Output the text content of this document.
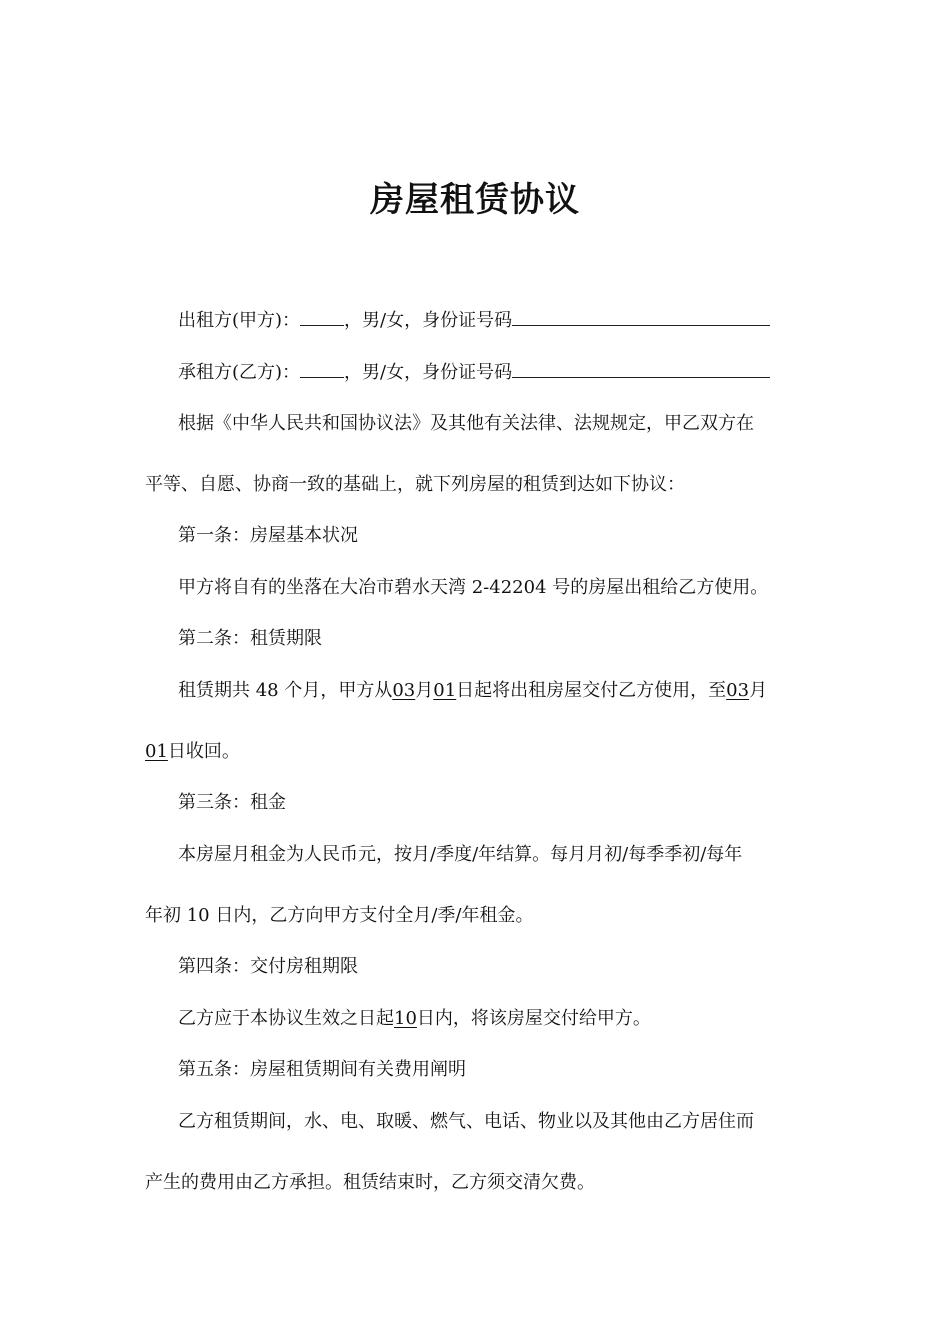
房屋租赁协议
出租方(甲方)： ，男/女，身份证号码
承租方(乙方)： ，男/女，身份证号码
根据《中华人民共和国协议法》及其他有关法律、法规规定，甲乙双方在
平等、自愿、协商一致的基础上，就下列房屋的租赁到达如下协议：
第一条：房屋基本状况
甲方将自有的坐落在大冶市碧水天湾 2-42204 号的房屋出租给乙方使用。
第二条：租赁期限
租赁期共 48 个月，甲方从03月01日起将出租房屋交付乙方使用，至03月
01日收回。
第三条：租金
本房屋月租金为人民币元，按月/季度/年结算。每月月初/每季季初/每年
年初 10 日内，乙方向甲方支付全月/季/年租金。
第四条：交付房租期限
乙方应于本协议生效之日起10日内，将该房屋交付给甲方。
第五条：房屋租赁期间有关费用阐明
乙方租赁期间，水、电、取暖、燃气、电话、物业以及其他由乙方居住而
产生的费用由乙方承担。租赁结束时，乙方须交清欠费。
